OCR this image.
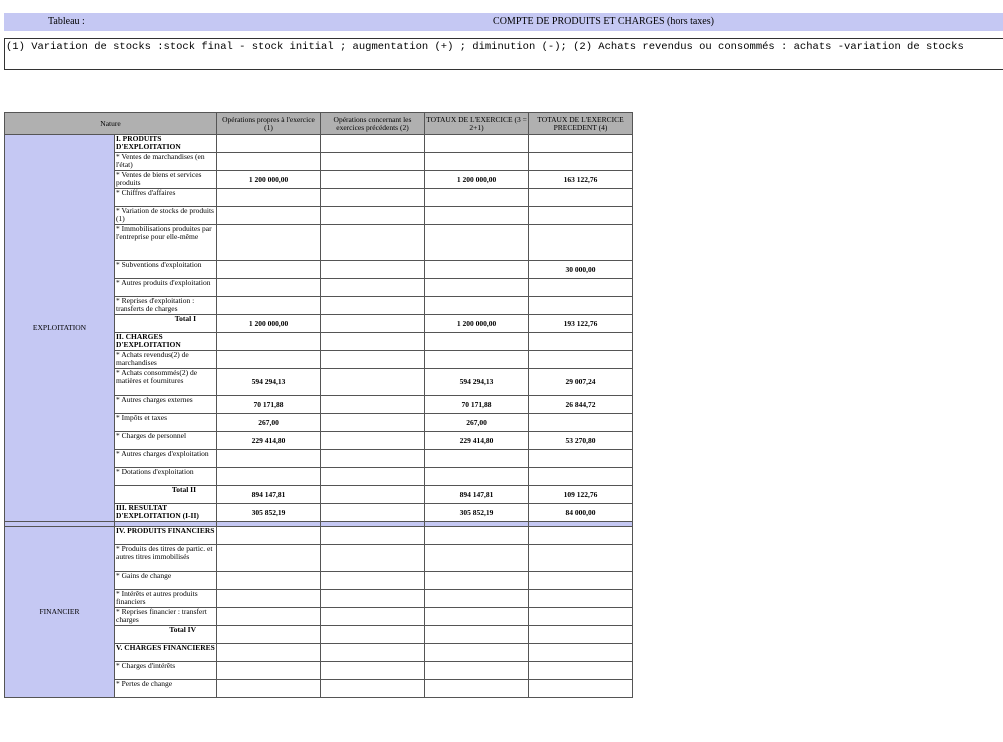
Tableau :	COMPTE DE PRODUITS ET CHARGES (hors taxes)
(1) Variation de stocks :stock final - stock initial ; augmentation (+) ; diminution (-); (2) Achats revendus ou consommés : achats -variation de stocks
Nature		Opérations propres à l'exercice (1)	Opérations concernant les exercices précédents (2)	TOTAUX DE L'EXERCICE (3 = 2+1)	TOTAUX DE L'EXERCICE PRECEDENT (4)
EXPLOITATION	I. PRODUITS D'EXPLOITATION				
	* Ventes de marchandises (en l'état)				
	* Ventes de biens et services produits	1 200 000,00		1 200 000,00	163 122,76
	* Chiffres d'affaires				
	* Variation de stocks de produits (1)				
	* Immobilisations produites par l'entreprise pour elle-même				
	* Subventions d'exploitation				30 000,00
	* Autres produits d'exploitation				
	* Reprises d'exploitation : transferts de charges				
	Total I	1 200 000,00		1 200 000,00	193 122,76
	II. CHARGES D'EXPLOITATION				
	* Achats revendus(2) de marchandises				
	* Achats consommés(2) de matières et fournitures	594 294,13		594 294,13	29 007,24
	* Autres charges externes	70 171,88		70 171,88	26 844,72
	* Impôts et taxes	267,00		267,00	
	* Charges de personnel	229 414,80		229 414,80	53 270,80
	* Autres charges d'exploitation				
	* Dotations d'exploitation				
	Total II	894 147,81		894 147,81	109 122,76
	III. RESULTAT D'EXPLOITATION (I-II)	305 852,19		305 852,19	84 000,00

FINANCIER	IV. PRODUITS FINANCIERS				
	* Produits des titres de partic. et autres titres immobilisés				
	* Gains de change				
	* Intérêts et autres produits financiers				
	* Reprises financier : transfert charges				
	Total IV				
	V. CHARGES FINANCIERES				
	* Charges d'intérêts				
	* Pertes de change				
